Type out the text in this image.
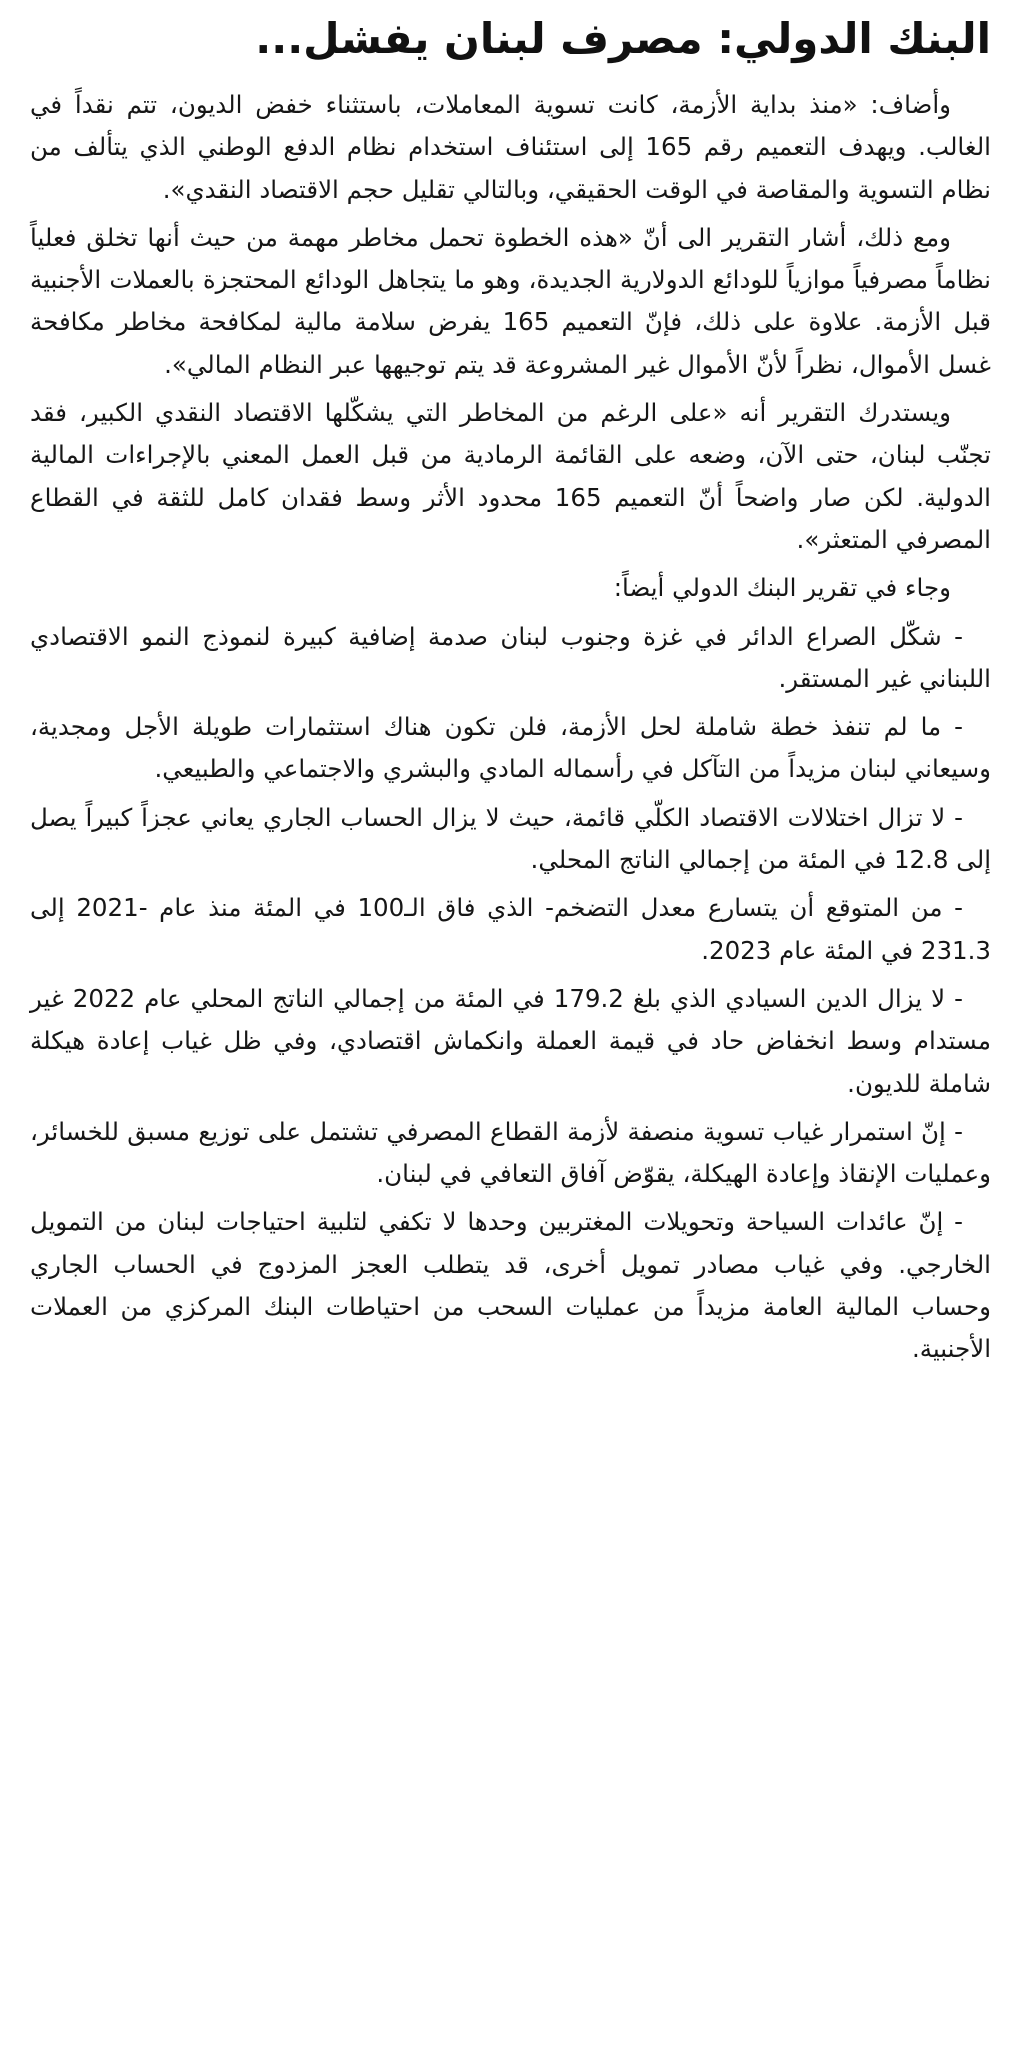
البنك الدولي: مصرف لبنان يفشل...

وأضاف: «منذ بداية الأزمة، كانت تسوية المعاملات، باستثناء خفض الديون، تتم نقداً في الغالب. ويهدف التعميم رقم 165 إلى استئناف استخدام نظام الدفع الوطني الذي يتألف من نظام التسوية والمقاصة في الوقت الحقيقي، وبالتالي تقليل حجم الاقتصاد النقدي».

ومع ذلك، أشار التقرير الى أنّ «هذه الخطوة تحمل مخاطر مهمة من حيث أنها تخلق فعلياً نظاماً مصرفياً موازياً للودائع الدولارية الجديدة، وهو ما يتجاهل الودائع المحتجزة بالعملات الأجنبية قبل الأزمة. علاوة على ذلك، فإنّ التعميم 165 يفرض سلامة مالية لمكافحة مخاطر مكافحة غسل الأموال، نظراً لأنّ الأموال غير المشروعة قد يتم توجيهها عبر النظام المالي».

ويستدرك التقرير أنه «على الرغم من المخاطر التي يشكّلها الاقتصاد النقدي الكبير، فقد تجنّب لبنان، حتى الآن، وضعه على القائمة الرمادية من قبل العمل المعني بالإجراءات المالية الدولية. لكن صار واضحاً أنّ التعميم 165 محدود الأثر وسط فقدان كامل للثقة في القطاع المصرفي المتعثر».

وجاء في تقرير البنك الدولي أيضاً:

- شكّل الصراع الدائر في غزة وجنوب لبنان صدمة إضافية كبيرة لنموذج النمو الاقتصادي اللبناني غير المستقر.

- ما لم تنفذ خطة شاملة لحل الأزمة، فلن تكون هناك استثمارات طويلة الأجل ومجدية، وسيعاني لبنان مزيداً من التآكل في رأسماله المادي والبشري والاجتماعي والطبيعي.

- لا تزال اختلالات الاقتصاد الكلّي قائمة، حيث لا يزال الحساب الجاري يعاني عجزاً كبيراً يصل إلى 12.8 في المئة من إجمالي الناتج المحلي.

- من المتوقع أن يتسارع معدل التضخم- الذي فاق الـ100 في المئة منذ عام -2021 إلى 231.3 في المئة عام 2023.

- لا يزال الدين السيادي الذي بلغ 179.2 في المئة من إجمالي الناتج المحلي عام 2022 غير مستدام وسط انخفاض حاد في قيمة العملة وانكماش اقتصادي، وفي ظل غياب إعادة هيكلة شاملة للديون.

- إنّ استمرار غياب تسوية منصفة لأزمة القطاع المصرفي تشتمل على توزيع مسبق للخسائر، وعمليات الإنقاذ وإعادة الهيكلة، يقوّض آفاق التعافي في لبنان.

- إنّ عائدات السياحة وتحويلات المغتربين وحدها لا تكفي لتلبية احتياجات لبنان من التمويل الخارجي. وفي غياب مصادر تمويل أخرى، قد يتطلب العجز المزدوج في الحساب الجاري وحساب المالية العامة مزيداً من عمليات السحب من احتياطات البنك المركزي من العملات الأجنبية.
